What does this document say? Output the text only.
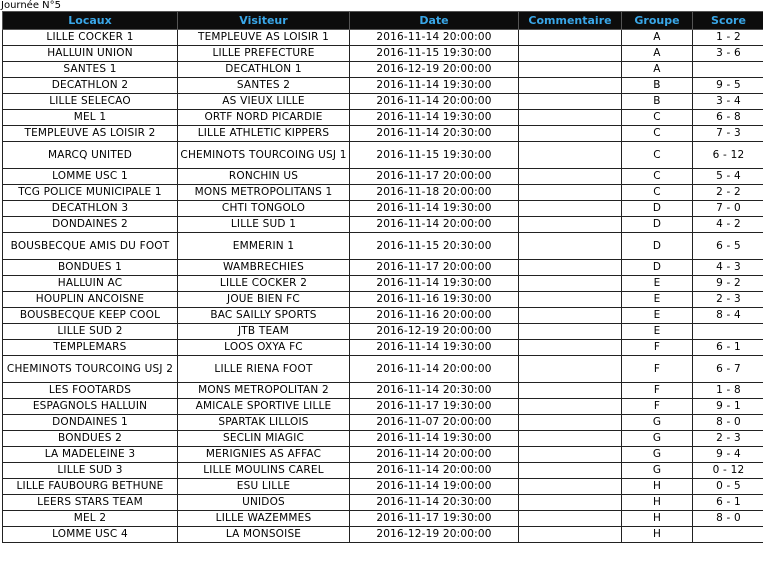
Journée N°5
Locaux	Visiteur	Date	Commentaire	Groupe	Score
LILLE COCKER 1	TEMPLEUVE AS LOISIR 1	2016-11-14 20:00:00		A	1 - 2
HALLUIN UNION	LILLE PREFECTURE	2016-11-15 19:30:00		A	3 - 6
SANTES 1	DECATHLON 1	2016-12-19 20:00:00		A	
DECATHLON 2	SANTES 2	2016-11-14 19:30:00		B	9 - 5
LILLE SELECAO	AS VIEUX LILLE	2016-11-14 20:00:00		B	3 - 4
MEL 1	ORTF NORD PICARDIE	2016-11-14 19:30:00		C	6 - 8
TEMPLEUVE AS LOISIR 2	LILLE ATHLETIC KIPPERS	2016-11-14 20:30:00		C	7 - 3
MARCQ UNITED	CHEMINOTS TOURCOING USJ 1	2016-11-15 19:30:00		C	6 - 12
LOMME USC 1	RONCHIN US	2016-11-17 20:00:00		C	5 - 4
TCG POLICE MUNICIPALE 1	MONS METROPOLITANS 1	2016-11-18 20:00:00		C	2 - 2
DECATHLON 3	CHTI TONGOLO	2016-11-14 19:30:00		D	7 - 0
DONDAINES 2	LILLE SUD 1	2016-11-14 20:00:00		D	4 - 2
BOUSBECQUE AMIS DU FOOT	EMMERIN 1	2016-11-15 20:30:00		D	6 - 5
BONDUES 1	WAMBRECHIES	2016-11-17 20:00:00		D	4 - 3
HALLUIN AC	LILLE COCKER 2	2016-11-14 19:30:00		E	9 - 2
HOUPLIN ANCOISNE	JOUE BIEN FC	2016-11-16 19:30:00		E	2 - 3
BOUSBECQUE KEEP COOL	BAC SAILLY SPORTS	2016-11-16 20:00:00		E	8 - 4
LILLE SUD 2	JTB TEAM	2016-12-19 20:00:00		E	
TEMPLEMARS	LOOS OXYA FC	2016-11-14 19:30:00		F	6 - 1
CHEMINOTS TOURCOING USJ 2	LILLE RIENA FOOT	2016-11-14 20:00:00		F	6 - 7
LES FOOTARDS	MONS METROPOLITAN 2	2016-11-14 20:30:00		F	1 - 8
ESPAGNOLS HALLUIN	AMICALE SPORTIVE LILLE	2016-11-17 19:30:00		F	9 - 1
DONDAINES 1	SPARTAK LILLOIS	2016-11-07 20:00:00		G	8 - 0
BONDUES 2	SECLIN MIAGIC	2016-11-14 19:30:00		G	2 - 3
LA MADELEINE 3	MERIGNIES AS AFFAC	2016-11-14 20:00:00		G	9 - 4
LILLE SUD 3	LILLE MOULINS CAREL	2016-11-14 20:00:00		G	0 - 12
LILLE FAUBOURG BETHUNE	ESU LILLE	2016-11-14 19:00:00		H	0 - 5
LEERS STARS TEAM	UNIDOS	2016-11-14 20:30:00		H	6 - 1
MEL 2	LILLE WAZEMMES	2016-11-17 19:30:00		H	8 - 0
LOMME USC 4	LA MONSOISE	2016-12-19 20:00:00		H	
